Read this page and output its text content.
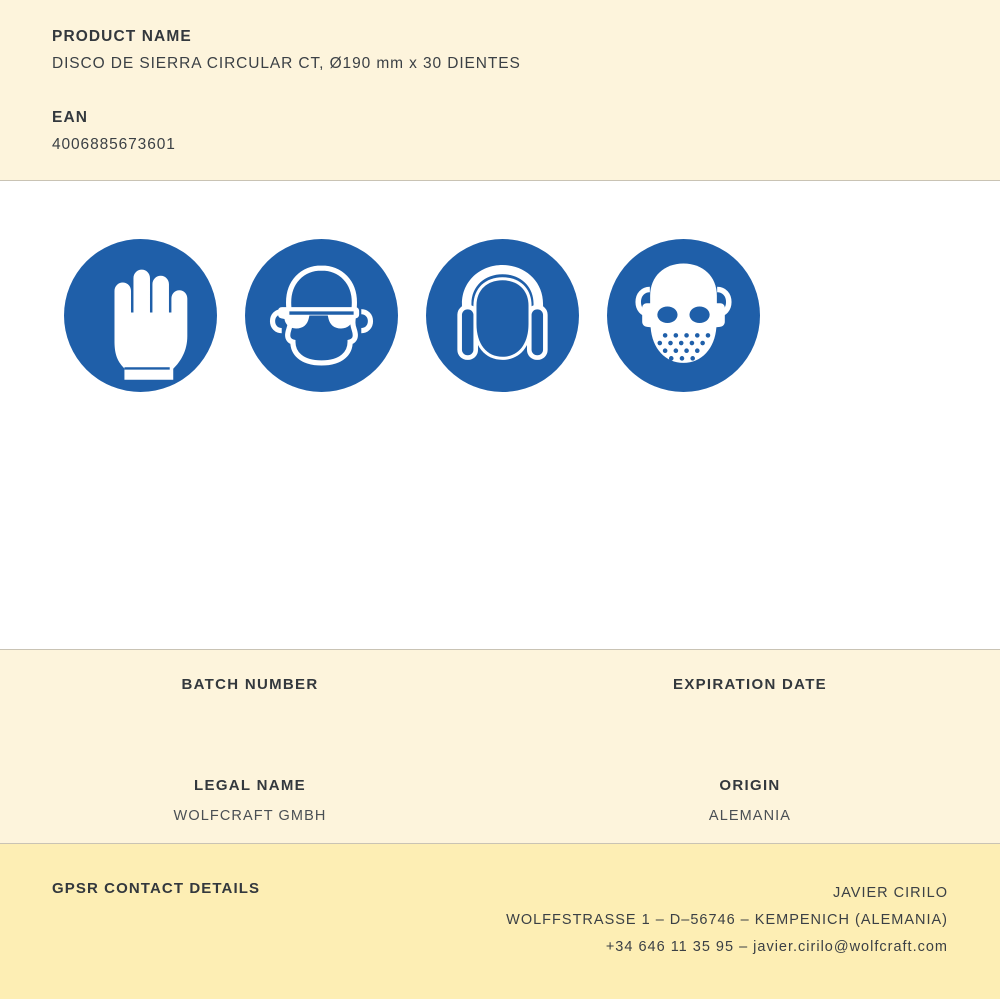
PRODUCT NAME
DISCO DE SIERRA CIRCULAR CT, Ø190 mm x 30 DIENTES
EAN
4006885673601
BATCH NUMBER	EXPIRATION DATE
LEGAL NAME
WOLFCRAFT GMBH
ORIGIN
ALEMANIA
GPSR CONTACT DETAILS	JAVIER CIRILO
WOLFFSTRASSE 1 – D–56746 – KEMPENICH (ALEMANIA)
+34 646 11 35 95 – javier.cirilo@wolfcraft.com
